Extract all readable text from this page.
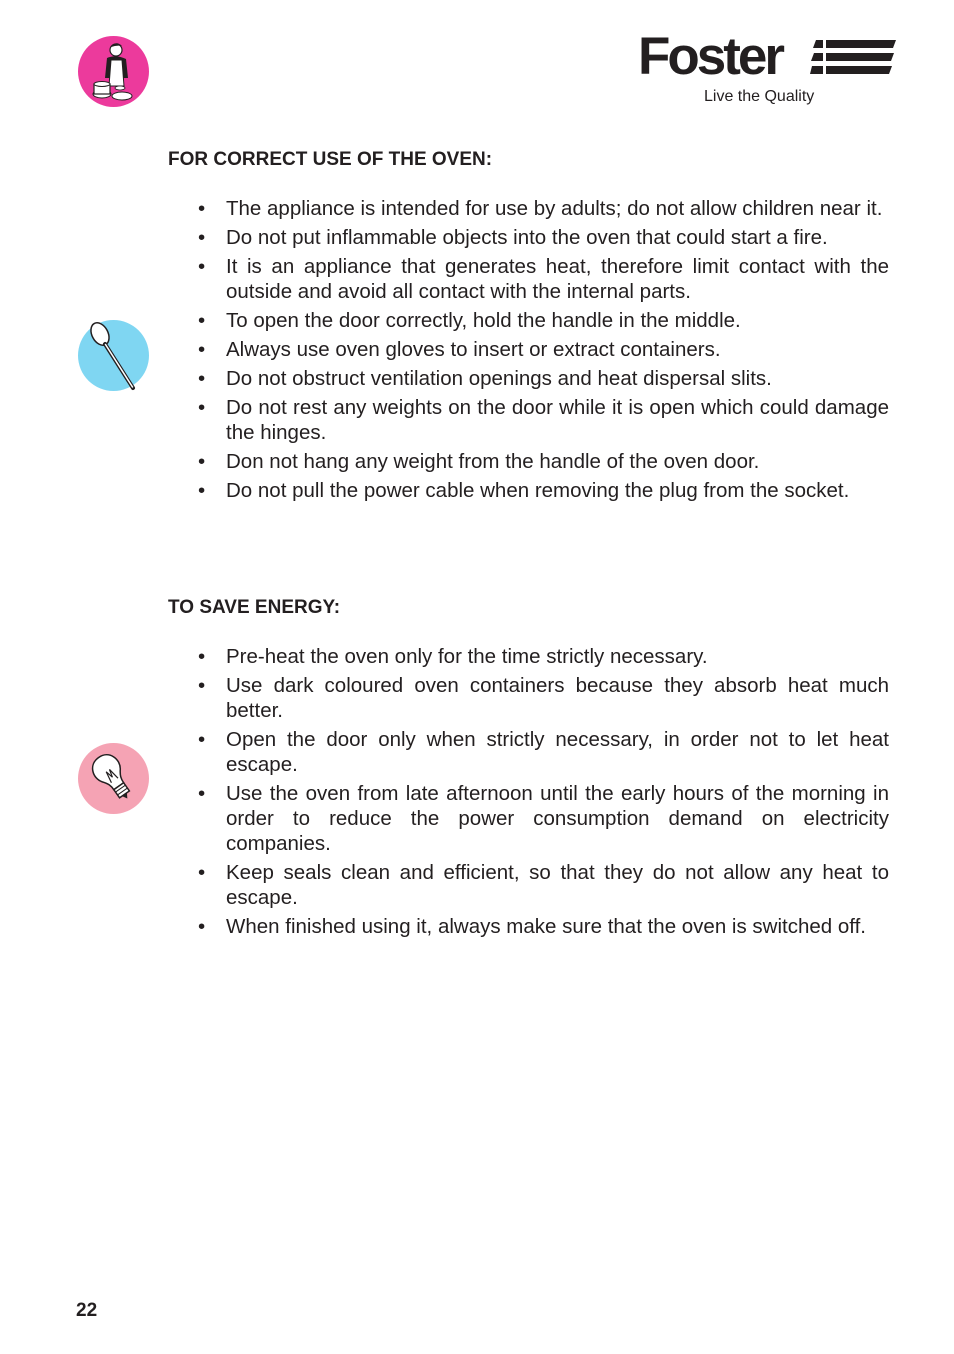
Foster
Live the Quality
FOR CORRECT USE OF THE OVEN:
• The appliance is intended for use by adults; do not allow children near it.
• Do not put inflammable objects into the oven that could start a fire.
• It is an appliance that generates heat, therefore limit contact with the outside and avoid all contact with the internal parts.
• To open the door correctly, hold the handle in the middle.
• Always use oven gloves to insert or extract containers.
• Do not obstruct ventilation openings and heat dispersal slits.
• Do not rest any weights on the door while it is open which could damage the hinges.
• Don not hang any weight from the handle of the oven door.
• Do not pull the power cable when removing the plug from the socket.
TO SAVE ENERGY:
• Pre-heat the oven only for the time strictly necessary.
• Use dark coloured oven containers because they absorb heat much better.
• Open the door only when strictly necessary, in order not to let heat escape.
• Use the oven from late afternoon until the early hours of the morning in order to reduce the power consumption demand on electricity companies.
• Keep seals clean and efficient, so that they do not allow any heat to escape.
• When finished using it, always make sure that the oven is switched off.
22
